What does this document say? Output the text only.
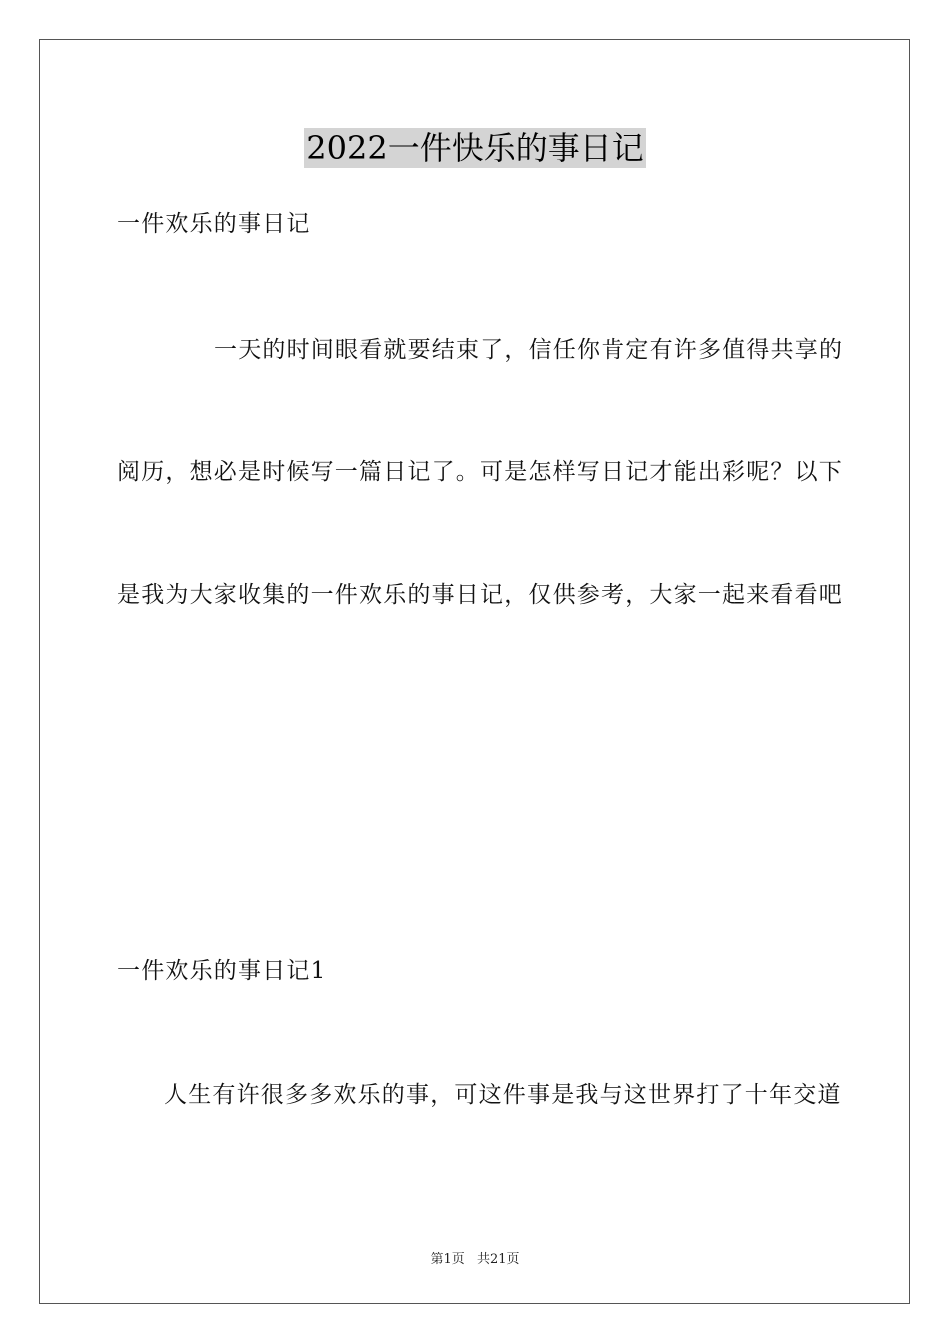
2022一件快乐的事日记
一件欢乐的事日记
一天的时间眼看就要结束了，信任你肯定有许多值得共享的
阅历，想必是时候写一篇日记了。可是怎样写日记才能出彩呢？以下
是我为大家收集的一件欢乐的事日记，仅供参考，大家一起来看看吧
一件欢乐的事日记1
人生有许很多多欢乐的事，可这件事是我与这世界打了十年交道
第1页 共21页
